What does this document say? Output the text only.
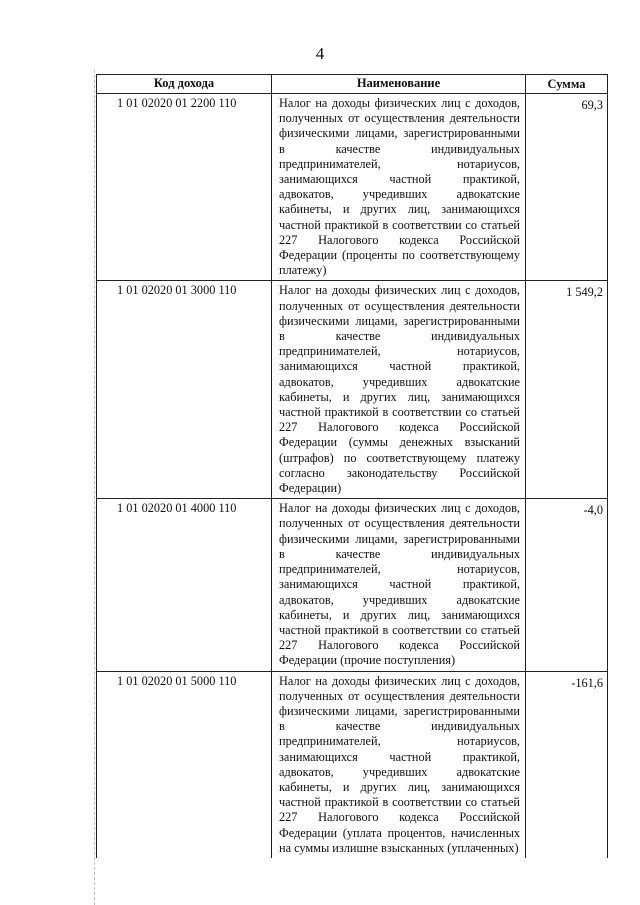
4
Код дохода	Наименование	Сумма
1 01 02020 01 2200 110	Налог на доходы физических лиц с доходов, полученных от осуществления деятельности физическими лицами, зарегистрированными в качестве индивидуальных предпринимателей, нотариусов, занимающихся частной практикой, адвокатов, учредивших адвокатские кабинеты, и других лиц, занимающихся частной практикой в соответствии со статьей 227 Налогового кодекса Российской Федерации (проценты по соответствующему платежу)	69,3
1 01 02020 01 3000 110	Налог на доходы физических лиц с доходов, полученных от осуществления деятельности физическими лицами, зарегистрированными в качестве индивидуальных предпринимателей, нотариусов, занимающихся частной практикой, адвокатов, учредивших адвокатские кабинеты, и других лиц, занимающихся частной практикой в соответствии со статьей 227 Налогового кодекса Российской Федерации (суммы денежных взысканий (штрафов) по соответствующему платежу согласно законодательству Российской Федерации)	1 549,2
1 01 02020 01 4000 110	Налог на доходы физических лиц с доходов, полученных от осуществления деятельности физическими лицами, зарегистрированными в качестве индивидуальных предпринимателей, нотариусов, занимающихся частной практикой, адвокатов, учредивших адвокатские кабинеты, и других лиц, занимающихся частной практикой в соответствии со статьей 227 Налогового кодекса Российской Федерации (прочие поступления)	-4,0
1 01 02020 01 5000 110	Налог на доходы физических лиц с доходов, полученных от осуществления деятельности физическими лицами, зарегистрированными в качестве индивидуальных предпринимателей, нотариусов, занимающихся частной практикой, адвокатов, учредивших адвокатские кабинеты, и других лиц, занимающихся частной практикой в соответствии со статьей 227 Налогового кодекса Российской Федерации (уплата процентов, начисленных на суммы излишне взысканных (уплаченных)	-161,6
